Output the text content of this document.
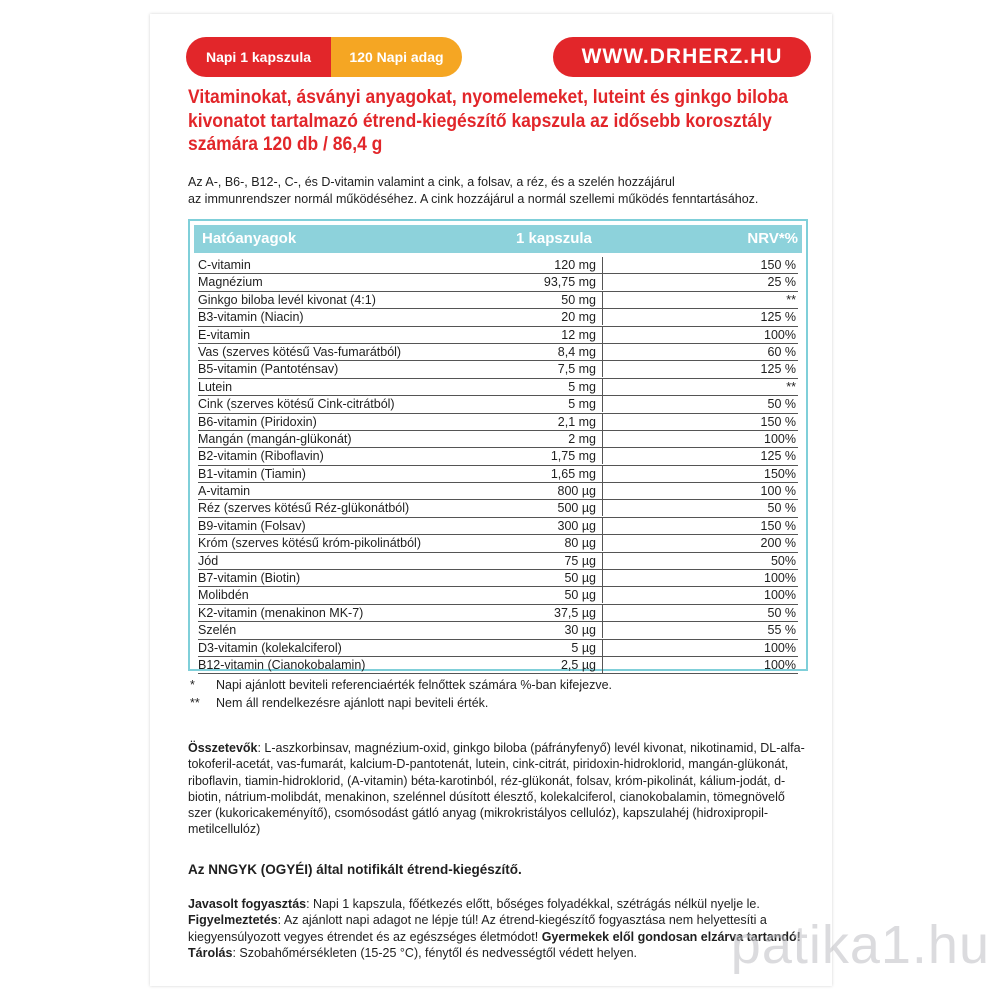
Napi 1 kapszula	120 Napi adag	WWW.DRHERZ.HU
Vitaminokat, ásványi anyagokat, nyomelemeket, luteint és ginkgo biloba kivonatot tartalmazó étrend-kiegészítő kapszula az idősebb korosztály számára 120 db / 86,4 g
Az A-, B6-, B12-, C-, és D-vitamin valamint a cink, a folsav, a réz, és a szelén hozzájárul
az immunrendszer normál működéséhez. A cink hozzájárul a normál szellemi működés fenntartásához.
Hatóanyagok	1 kapszula	NRV*%
C-vitamin	120 mg	150 %
Magnézium	93,75 mg	25 %
Ginkgo biloba levél kivonat (4:1)	50 mg	**
B3-vitamin (Niacin)	20 mg	125 %
E-vitamin	12 mg	100%
Vas (szerves kötésű Vas-fumarátból)	8,4 mg	60 %
B5-vitamin (Pantoténsav)	7,5 mg	125 %
Lutein	5 mg	**
Cink (szerves kötésű Cink-citrátból)	5 mg	50 %
B6-vitamin (Piridoxin)	2,1 mg	150 %
Mangán (mangán-glükonát)	2 mg	100%
B2-vitamin (Riboflavin)	1,75 mg	125 %
B1-vitamin (Tiamin)	1,65 mg	150%
A-vitamin	800 µg	100 %
Réz (szerves kötésű Réz-glükonátból)	500 µg	50 %
B9-vitamin (Folsav)	300 µg	150 %
Króm (szerves kötésű króm-pikolinátból)	80 µg	200 %
Jód	75 µg	50%
B7-vitamin (Biotin)	50 µg	100%
Molibdén	50 µg	100%
K2-vitamin (menakinon MK-7)	37,5 µg	50 %
Szelén	30 µg	55 %
D3-vitamin (kolekalciferol)	5 µg	100%
B12-vitamin (Cianokobalamin)	2,5 µg	100%
* Napi ajánlott beviteli referenciaérték felnőttek számára %-ban kifejezve.
** Nem áll rendelkezésre ajánlott napi beviteli érték.
Összetevők: L-aszkorbinsav, magnézium-oxid, ginkgo biloba (páfrányfenyő) levél kivonat, nikotinamid, DL-alfa-tokoferil-acetát, vas-fumarát, kalcium-D-pantotenát, lutein, cink-citrát, piridoxin-hidroklorid, mangán-glükonát, riboflavin, tiamin-hidroklorid, (A-vitamin) béta-karotinból, réz-glükonát, folsav, króm-pikolinát, kálium-jodát, d-biotin, nátrium-molibdát, menakinon, szelénnel dúsított élesztő, kolekalciferol, cianokobalamin, tömegnövelő szer (kukoricakeményítő), csomósodást gátló anyag (mikrokristályos cellulóz), kapszulahéj (hidroxipropil-metilcellulóz)
Az NNGYK (OGYÉI) által notifikált étrend-kiegészítő.
Javasolt fogyasztás: Napi 1 kapszula, főétkezés előtt, bőséges folyadékkal, szétrágás nélkül nyelje le.
Figyelmeztetés: Az ajánlott napi adagot ne lépje túl! Az étrend-kiegészítő fogyasztása nem helyettesíti a kiegyensúlyozott vegyes étrendet és az egészséges életmódot! Gyermekek elől gondosan elzárva tartandó! Tárolás: Szobahőmérsékleten (15-25 °C), fénytől és nedvességtől védett helyen.	patika1.hu
